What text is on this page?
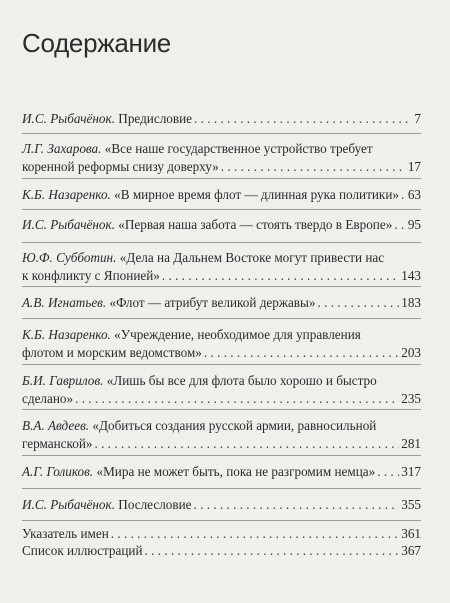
Содержание
И.С. Рыбачёнок. Предисловие . . .	7
Л.Г. Захарова. «Все наше государственное устройство требует
коренной реформы снизу доверху» . . .	17
К.Б. Назаренко. «В мирное время флот — длинная рука политики» . . . 63
И.С. Рыбачёнок. «Первая наша забота — стоять твердо в Европе» . . . 95
Ю.Ф. Субботин. «Дела на Дальнем Востоке могут привести нас
к конфликту с Японией» . . .	143
А.В. Игнатьев. «Флот — атрибут великой державы» . . .	183
К.Б. Назаренко. «Учреждение, необходимое для управления
флотом и морским ведомством» . . .	203
Б.И. Гаврилов. «Лишь бы все для флота было хорошо и быстро
сделано» . . .	235
В.А. Авдеев. «Добиться создания русской армии, равносильной
германской» . . .	281
А.Г. Голиков. «Мира не может быть, пока не разгромим немца» . . . 317
И.С. Рыбачёнок. Послесловие . . .	355
Указатель имен . . .	361
Список иллюстраций . . .	367
